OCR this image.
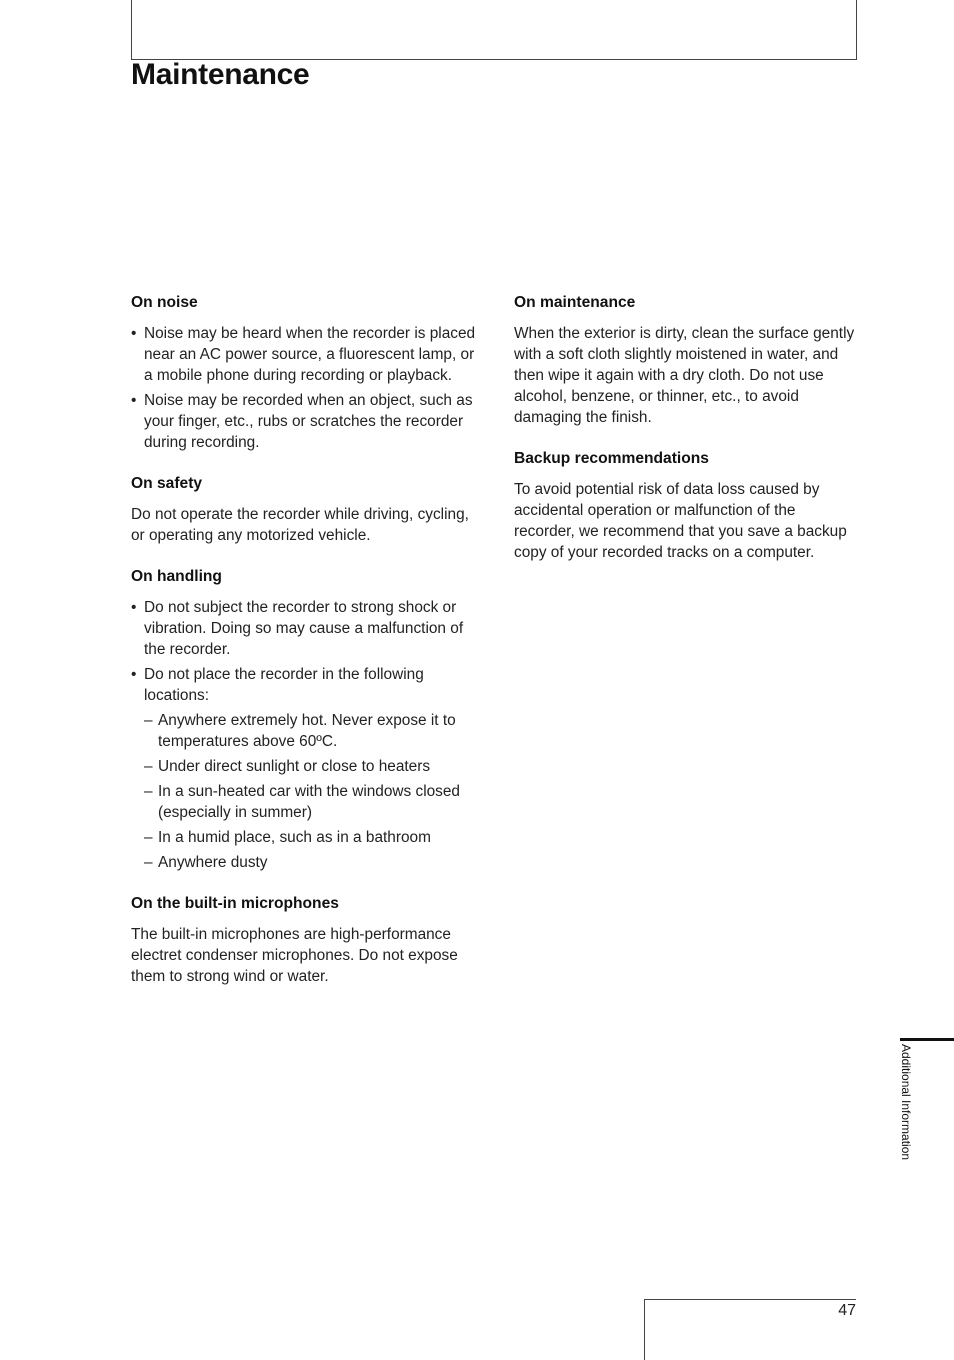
Maintenance
On noise
• Noise may be heard when the recorder is placed near an AC power source, a fluorescent lamp, or a mobile phone during recording or playback.
• Noise may be recorded when an object, such as your finger, etc., rubs or scratches the recorder during recording.
On safety

Do not operate the recorder while driving, cycling, or operating any motorized vehicle.

On handling
• Do not subject the recorder to strong shock or vibration. Doing so may cause a malfunction of the recorder.
• Do not place the recorder in the following locations:
– Anywhere extremely hot. Never expose it to temperatures above 60ºC.
– Under direct sunlight or close to heaters
– In a sun-heated car with the windows closed (especially in summer)
– In a humid place, such as in a bathroom
– Anywhere dusty
On the built-in microphones

The built-in microphones are high-performance electret condenser microphones. Do not expose them to strong wind or water.

On maintenance

When the exterior is dirty, clean the surface gently with a soft cloth slightly moistened in water, and then wipe it again with a dry cloth. Do not use alcohol, benzene, or thinner, etc., to avoid damaging the finish.

Backup recommendations

To avoid potential risk of data loss caused by accidental operation or malfunction of the recorder, we recommend that you save a backup copy of your recorded tracks on a computer.

Additional Information
47
